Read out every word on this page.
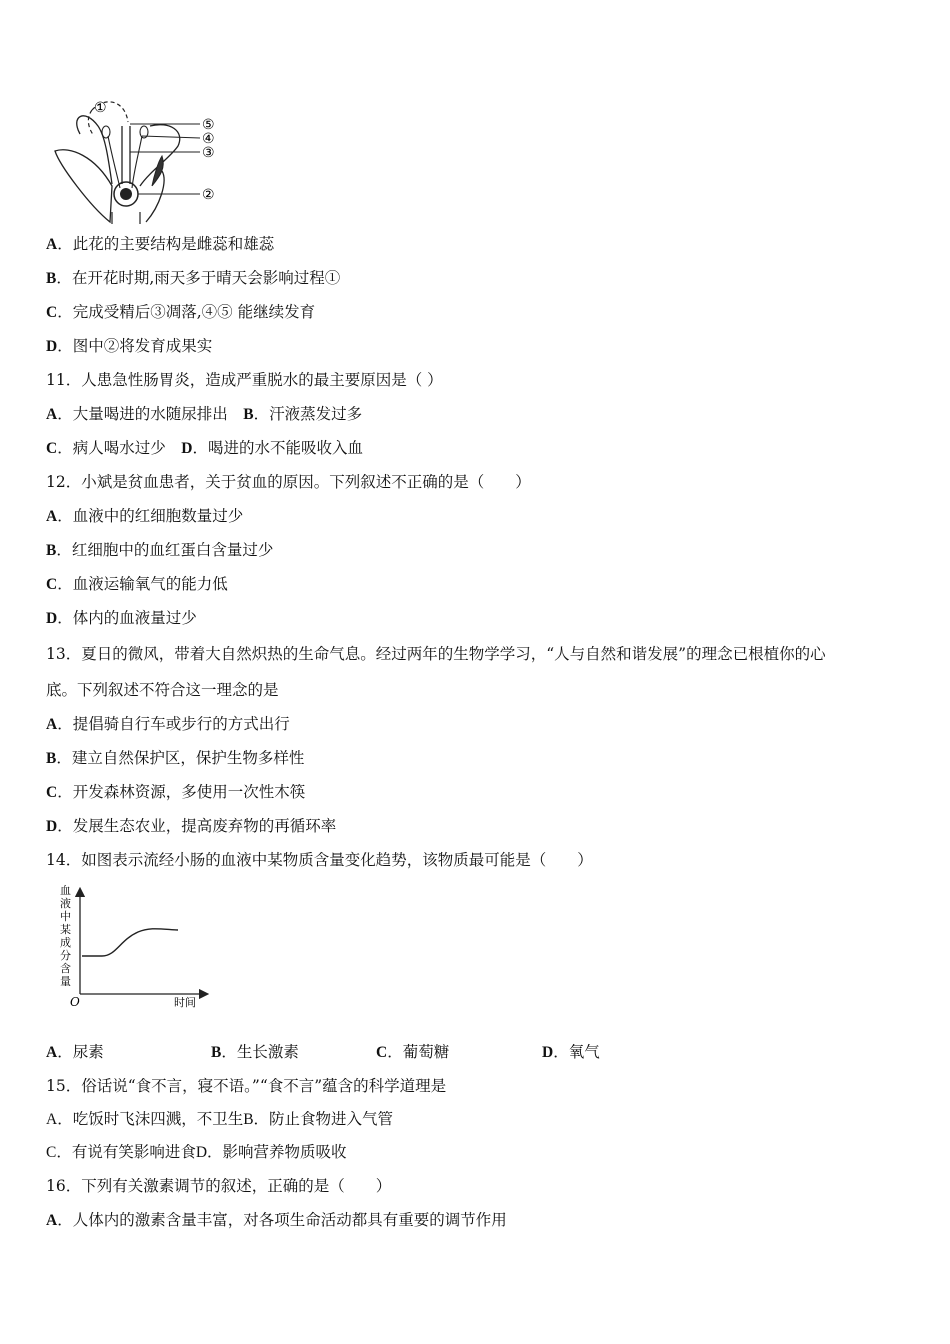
①
⑤
④
③
②
A．此花的主要结构是雌蕊和雄蕊
B．在开花时期,雨天多于晴天会影响过程①
C．完成受精后③凋落,④⑤ 能继续发育
D．图中②将发育成果实
11．人患急性肠胃炎，造成严重脱水的最主要原因是（ ）
A．大量喝进的水随尿排出　 B．汗液蒸发过多
C．病人喝水过少　 D．喝进的水不能吸收入血
12．小斌是贫血患者，关于贫血的原因。下列叙述不正确的是（　　）
A．血液中的红细胞数量过少
B．红细胞中的血红蛋白含量过少
C．血液运输氧气的能力低
D．体内的血液量过少
13．夏日的微风，带着大自然炽热的生命气息。经过两年的生物学学习，“人与自然和谐发展”的理念已根植你的心
底。下列叙述不符合这一理念的是
A．提倡骑自行车或步行的方式出行
B．建立自然保护区，保护生物多样性
C．开发森林资源，多使用一次性木筷
D．发展生态农业，提高废弃物的再循环率
14．如图表示流经小肠的血液中某物质含量变化趋势，该物质最可能是（　　）
血
液
中
某
成
分
含
量
O	时间
A．尿素	B．生长激素	C．葡萄糖	D．氧气
15．俗话说“食不言，寝不语。”“食不言”蕴含的科学道理是
A．吃饭时飞沫四溅，不卫生B．防止食物进入气管
C．有说有笑影响进食D．影响营养物质吸收
16．下列有关激素调节的叙述，正确的是（　　）
A．人体内的激素含量丰富，对各项生命活动都具有重要的调节作用
